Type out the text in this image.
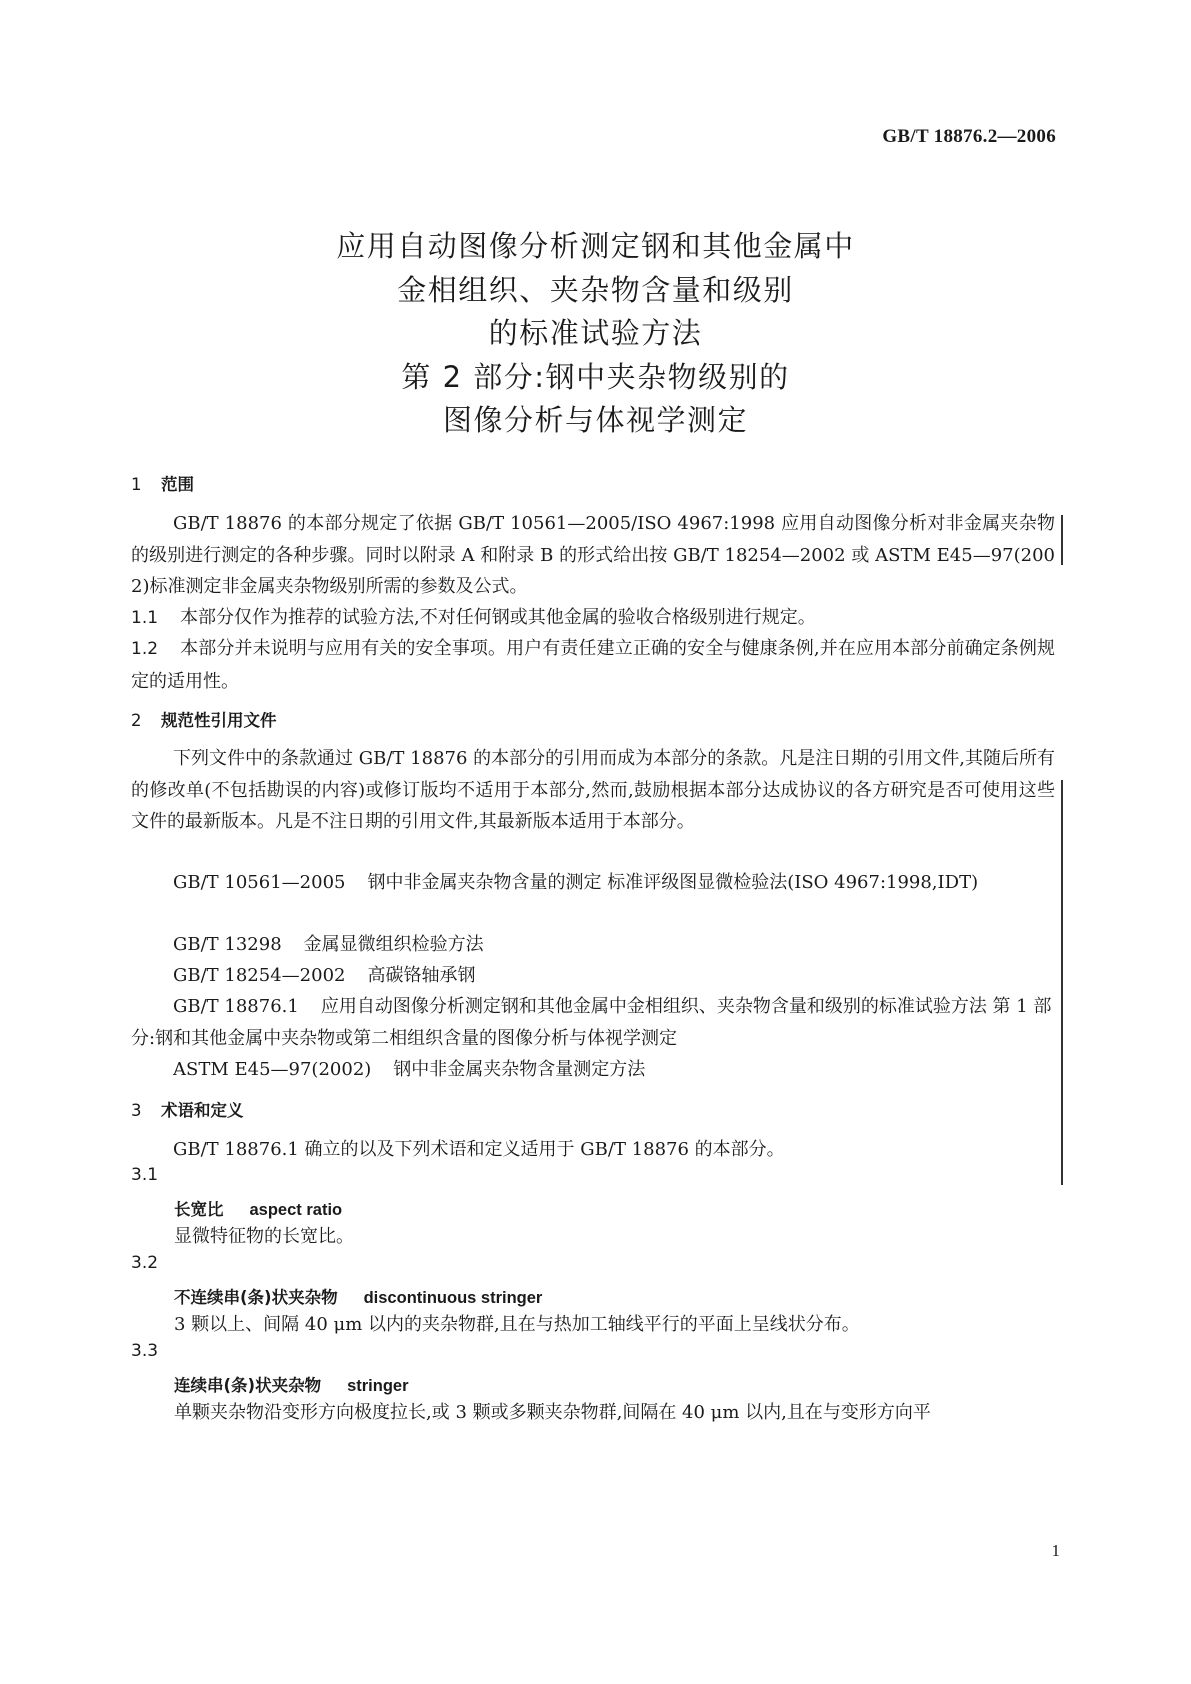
GB/T 18876.2—2006
应用自动图像分析测定钢和其他金属中
金相组织、夹杂物含量和级别
的标准试验方法
第 2 部分:钢中夹杂物级别的
图像分析与体视学测定
1 范围
GB/T 18876 的本部分规定了依据 GB/T 10561—2005/ISO 4967:1998 应用自动图像分析对非金属夹杂物的级别进行测定的各种步骤。同时以附录 A 和附录 B 的形式给出按 GB/T 18254—2002 或 ASTM E45—97(2002)标准测定非金属夹杂物级别所需的参数及公式。
1.1 本部分仅作为推荐的试验方法,不对任何钢或其他金属的验收合格级别进行规定。
1.2 本部分并未说明与应用有关的安全事项。用户有责任建立正确的安全与健康条例,并在应用本部分前确定条例规定的适用性。
2 规范性引用文件
下列文件中的条款通过 GB/T 18876 的本部分的引用而成为本部分的条款。凡是注日期的引用文件,其随后所有的修改单(不包括勘误的内容)或修订版均不适用于本部分,然而,鼓励根据本部分达成协议的各方研究是否可使用这些文件的最新版本。凡是不注日期的引用文件,其最新版本适用于本部分。
GB/T 10561—2005 钢中非金属夹杂物含量的测定 标准评级图显微检验法(ISO 4967:1998,IDT)
GB/T 13298 金属显微组织检验方法
GB/T 18254—2002 高碳铬轴承钢
GB/T 18876.1 应用自动图像分析测定钢和其他金属中金相组织、夹杂物含量和级别的标准试验方法 第 1 部分:钢和其他金属中夹杂物或第二相组织含量的图像分析与体视学测定
ASTM E45—97(2002) 钢中非金属夹杂物含量测定方法
3 术语和定义
GB/T 18876.1 确立的以及下列术语和定义适用于 GB/T 18876 的本部分。
3.1
长宽比 aspect ratio
显微特征物的长宽比。
3.2
不连续串(条)状夹杂物 discontinuous stringer
3 颗以上、间隔 40 μm 以内的夹杂物群,且在与热加工轴线平行的平面上呈线状分布。
3.3
连续串(条)状夹杂物 stringer
单颗夹杂物沿变形方向极度拉长,或 3 颗或多颗夹杂物群,间隔在 40 μm 以内,且在与变形方向平
1
